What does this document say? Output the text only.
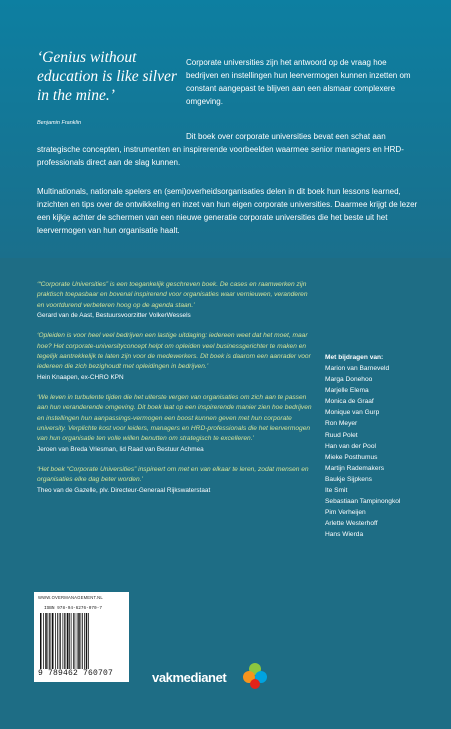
‘Genius without education is like silver in the mine.’
Benjamin Franklin

Corporate universities zijn het antwoord op de vraag hoe bedrijven en instellingen hun leervermogen kunnen inzetten om constant aangepast te blijven aan een alsmaar complexere omgeving.

Dit boek over corporate universities bevat een schat aan strategische concepten, instrumenten en inspirerende voorbeelden waarmee senior managers en HRD-professionals direct aan de slag kunnen.

Multinationals, nationale spelers en (semi)overheidsorganisaties delen in dit boek hun lessons learned, inzichten en tips over de ontwikkeling en inzet van hun eigen corporate universities. Daarmee krijgt de lezer een kijkje achter de schermen van een nieuwe generatie corporate universities die het beste uit het leervermogen van hun organisatie haalt.

‘“Corporate Universities” is een toegankelijk geschreven boek. De cases en raamwerken zijn praktisch toepasbaar en bovenal inspirerend voor organisaties waar vernieuwen, veranderen en voortdurend verbeteren hoog op de agenda staan.’

Gerard van de Aast, Bestuursvoorzitter VolkerWessels

‘Opleiden is voor heel veel bedrijven een lastige uitdaging: iedereen weet dat het moet, maar hoe? Het corporate-universityconcept helpt om opleiden veel businessgerichter te maken en tegelijk aantrekkelijk te laten zijn voor de medewerkers. Dit boek is daarom een aanrader voor iedereen die zich bezighoudt met opleidingen in bedrijven.’

Hein Knaapen, ex-CHRO KPN

‘We leven in turbulente tijden die het uiterste vergen van organisaties om zich aan te passen aan hun veranderende omgeving. Dit boek laat op een inspirerende manier zien hoe bedrijven en instellingen hun aanpassings-vermogen een boost kunnen geven met hun corporate university. Verplichte kost voor leiders, managers en HRD-professionals die het leervermogen van hun organisatie ten volle willen benutten om strategisch te excelleren.’

Jeroen van Breda Vriesman, lid Raad van Bestuur Achmea

‘Het boek “Corporate Universities” inspireert om met en van elkaar te leren, zodat mensen en organisaties elke dag beter worden.’

Theo van de Gazelle, plv. Directeur-Generaal Rijkswaterstaat

Met bijdragen van:

Marion van Barneveld
Marga Donehoo
Marjelle Elema
Monica de Graaf
Monique van Gurp
Ron Meyer
Ruud Polet
Han van der Pool
Mieke Posthumus
Martijn Rademakers
Baukje Sijpkens
Ite Smit
Sebastiaan Tampinongkol
Pim Verheijen
Arlette Westerhoff
Hans Wierda
WWW.OVERMANAGEMENT.NL
ISBN 978-94-6276-070-7
9 789462 760707	vakmedianet
